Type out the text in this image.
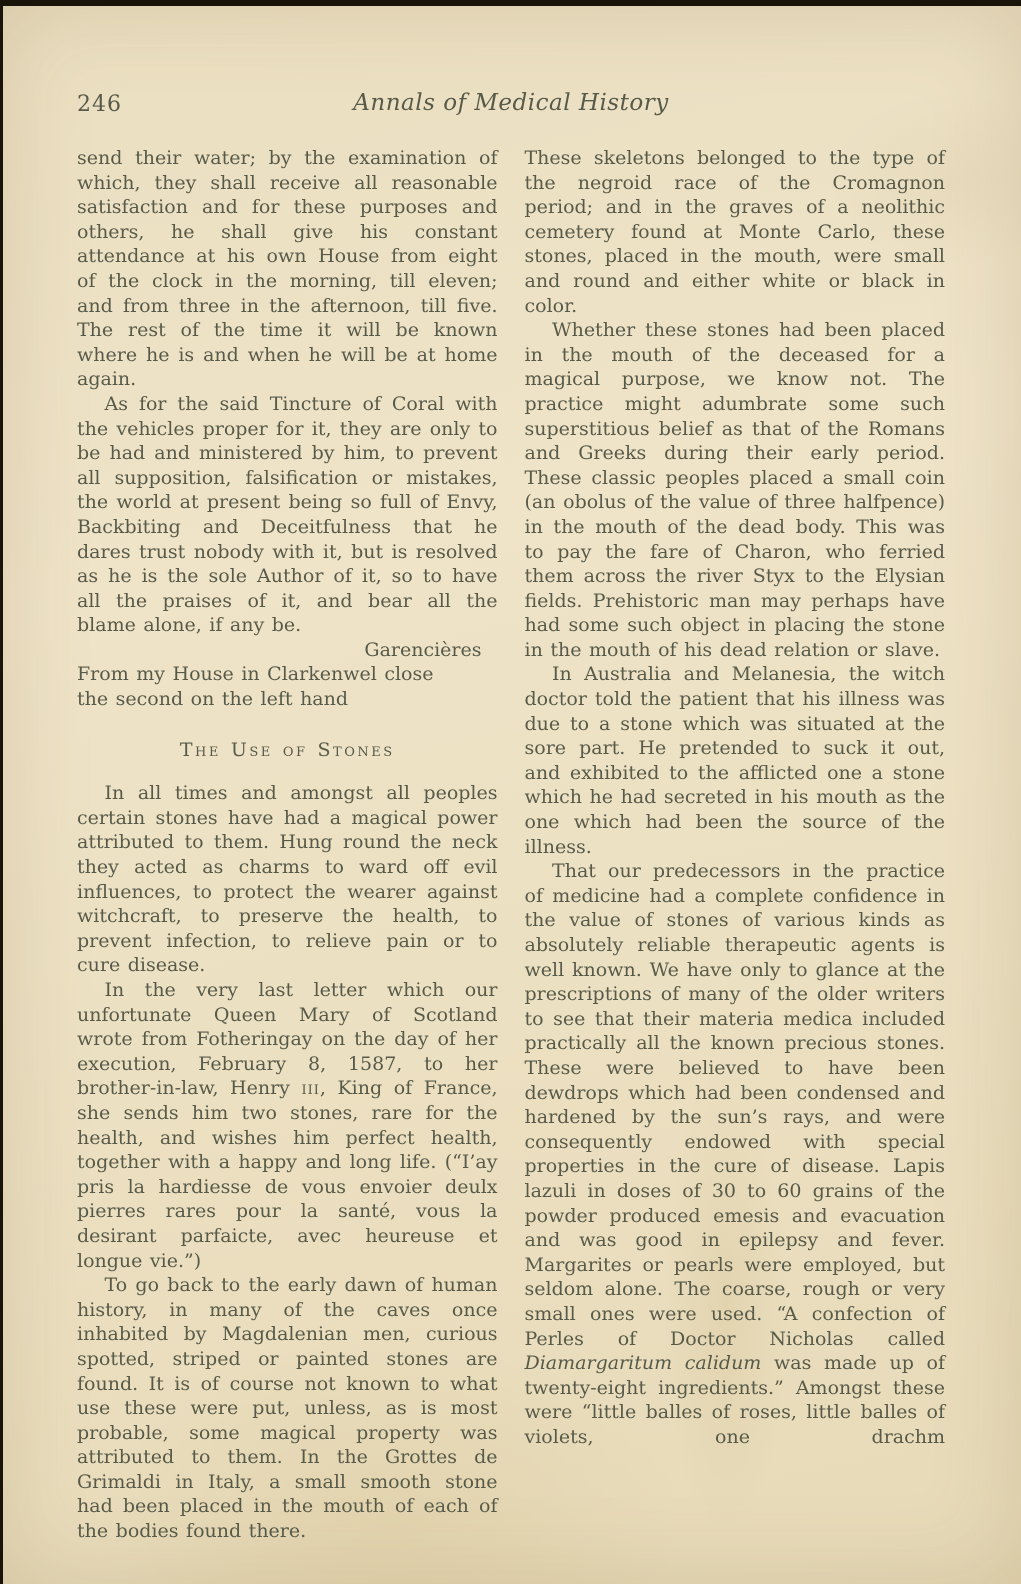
246	Annals of Medical History

send their water; by the examination of which, they shall receive all reasonable satisfaction and for these purposes and others, he shall give his constant attendance at his own House from eight of the clock in the morning, till eleven; and from three in the afternoon, till five. The rest of the time it will be known where he is and when he will be at home again.

As for the said Tincture of Coral with the vehicles proper for it, they are only to be had and ministered by him, to prevent all supposition, falsification or mistakes, the world at present being so full of Envy, Backbiting and Deceitfulness that he dares trust nobody with it, but is resolved as he is the sole Author of it, so to have all the praises of it, and bear all the blame alone, if any be.

Garencières

From my House in Clarkenwel close

the second on the left hand

The Use of Stones

In all times and amongst all peoples certain stones have had a magical power attributed to them. Hung round the neck they acted as charms to ward off evil influences, to protect the wearer against witchcraft, to preserve the health, to prevent infection, to relieve pain or to cure disease.

In the very last letter which our unfortunate Queen Mary of Scotland wrote from Fotheringay on the day of her execution, February 8, 1587, to her brother-in-law, Henry iii, King of France, she sends him two stones, rare for the health, and wishes him perfect health, together with a happy and long life. (“I’ay pris la hardiesse de vous envoier deulx pierres rares pour la santé, vous la desirant parfaicte, avec heureuse et longue vie.”)

To go back to the early dawn of human history, in many of the caves once inhabited by Magdalenian men, curious spotted, striped or painted stones are found. It is of course not known to what use these were put, unless, as is most probable, some magical property was attributed to them. In the Grottes de Grimaldi in Italy, a small smooth stone had been placed in the mouth of each of the bodies found there.

These skeletons belonged to the type of the negroid race of the Cromagnon period; and in the graves of a neolithic cemetery found at Monte Carlo, these stones, placed in the mouth, were small and round and either white or black in color.

Whether these stones had been placed in the mouth of the deceased for a magical purpose, we know not. The practice might adumbrate some such superstitious belief as that of the Romans and Greeks during their early period. These classic peoples placed a small coin (an obolus of the value of three halfpence) in the mouth of the dead body. This was to pay the fare of Charon, who ferried them across the river Styx to the Elysian fields. Prehistoric man may perhaps have had some such object in placing the stone in the mouth of his dead relation or slave.

In Australia and Melanesia, the witch doctor told the patient that his illness was due to a stone which was situated at the sore part. He pretended to suck it out, and exhibited to the afflicted one a stone which he had secreted in his mouth as the one which had been the source of the illness.

That our predecessors in the practice of medicine had a complete confidence in the value of stones of various kinds as absolutely reliable therapeutic agents is well known. We have only to glance at the prescriptions of many of the older writers to see that their materia medica included practically all the known precious stones. These were believed to have been dewdrops which had been condensed and hardened by the sun’s rays, and were consequently endowed with special properties in the cure of disease. Lapis lazuli in doses of 30 to 60 grains of the powder produced emesis and evacuation and was good in epilepsy and fever. Margarites or pearls were employed, but seldom alone. The coarse, rough or very small ones were used. “A confection of Perles of Doctor Nicholas called Diamargaritum calidum was made up of twenty-eight ingredients.” Amongst these were “little balles of roses, little balles of violets, one drachm
